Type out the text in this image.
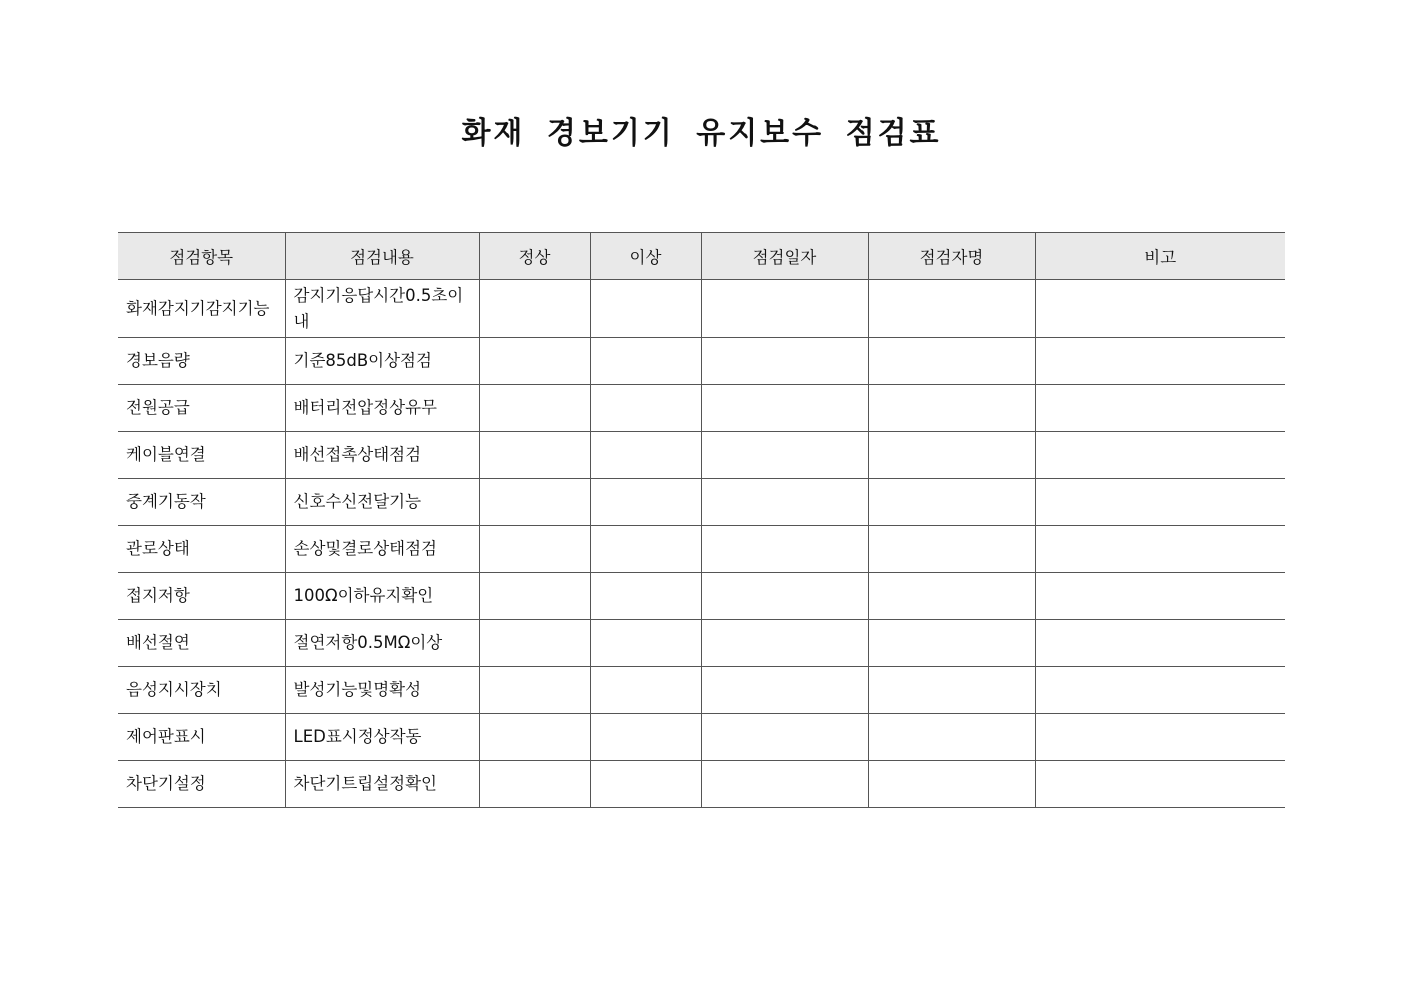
화재 경보기기 유지보수 점검표
점검항목	점검내용	정상	이상	점검일자	점검자명	비고
화재감지기감지기능	감지기응답시간0.5초이내					
경보음량	기준85dB이상점검					
전원공급	배터리전압정상유무					
케이블연결	배선접촉상태점검					
중계기동작	신호수신전달기능					
관로상태	손상및결로상태점검					
접지저항	100Ω이하유지확인					
배선절연	절연저항0.5MΩ이상					
음성지시장치	발성기능및명확성					
제어판표시	LED표시정상작동					
차단기설정	차단기트립설정확인					
